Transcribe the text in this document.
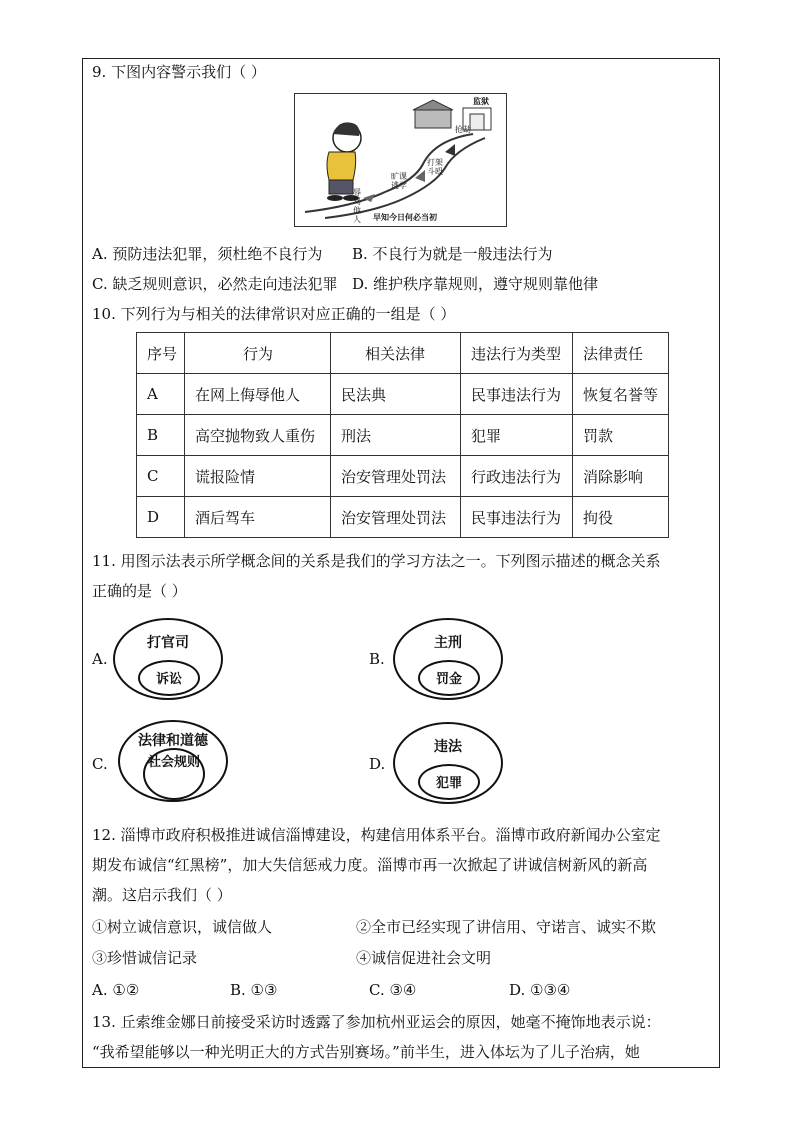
9. 下图内容警示我们（ ）
监狱
辱骂他人
旷课逃学
打架斗殴
抢劫
早知今日何必当初
A. 预防违法犯罪，须杜绝不良行为 B. 不良行为就是一般违法行为
C. 缺乏规则意识，必然走向违法犯罪 D. 维护秩序靠规则，遵守规则靠他律
10. 下列行为与相关的法律常识对应正确的一组是（ ）
序号	行为	相关法律	违法行为类型	法律责任
A	在网上侮辱他人	民法典	民事违法行为	恢复名誉等
B	高空抛物致人重伤	刑法	犯罪	罚款
C	谎报险情	治安管理处罚法	行政违法行为	消除影响
D	酒后驾车	治安管理处罚法	民事违法行为	拘役
11. 用图示法表示所学概念间的关系是我们的学习方法之一。下列图示描述的概念关系
正确的是（ ）
A.
打官司
诉讼
B.
主刑
罚金
C.
法律和道德
社会规则	D.
违法
犯罪
12. 淄博市政府积极推进诚信淄博建设，构建信用体系平台。淄博市政府新闻办公室定
期发布诚信“红黑榜”，加大失信惩戒力度。淄博市再一次掀起了讲诚信树新风的新高
潮。这启示我们（ ）
①树立诚信意识，诚信做人	②全市已经实现了讲信用、守诺言、诚实不欺
③珍惜诚信记录	④诚信促进社会文明
A. ①②	B. ①③	C. ③④	D. ①③④
13. 丘索维金娜日前接受采访时透露了参加杭州亚运会的原因，她毫不掩饰地表示说：
“我希望能够以一种光明正大的方式告别赛场。”前半生，进入体坛为了儿子治病，她
